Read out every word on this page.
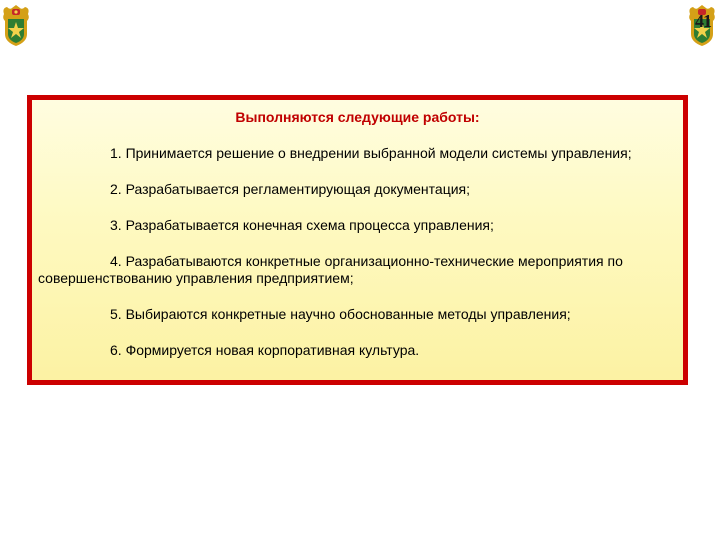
41
Выполняются следующие работы:
1. Принимается решение о внедрении выбранной модели системы управления;
2. Разрабатывается регламентирующая документация;
3. Разрабатывается конечная схема процесса управления;
4. Разрабатываются конкретные организационно-технические мероприятия по совершенствованию управления предприятием;
5. Выбираются конкретные научно обоснованные методы управления;
6. Формируется новая корпоративная культура.
